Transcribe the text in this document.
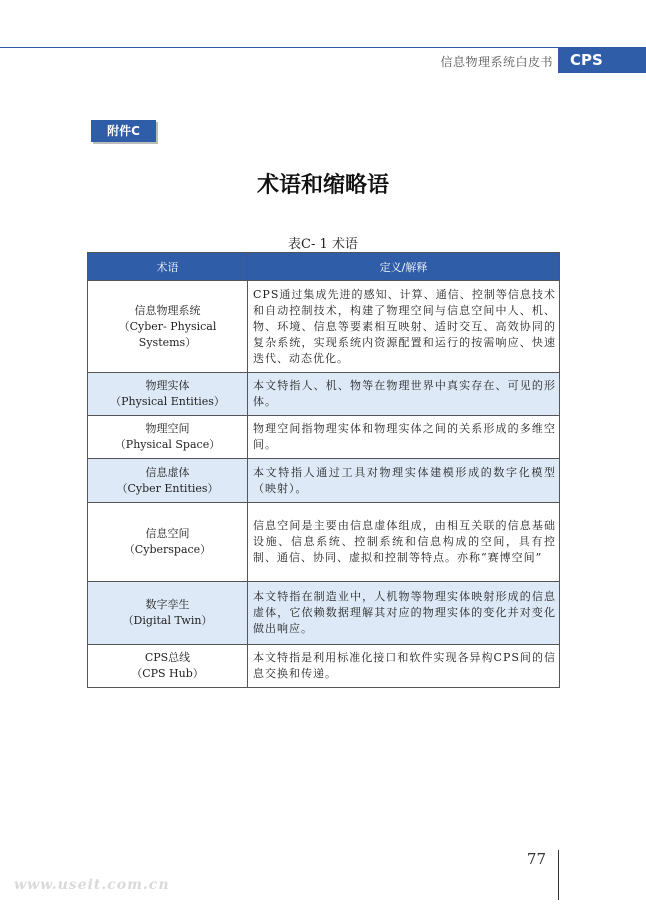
信息物理系统白皮书	CPS
附件C
术语和缩略语
表C- 1 术语
术语	定义/解释

信息物理系统
（Cyber- Physical Systems）	CPS通过集成先进的感知、计算、通信、控制等信息技术和自动控制技术，构建了物理空间与信息空间中人、机、物、环境、信息等要素相互映射、适时交互、高效协同的复杂系统，实现系统内资源配置和运行的按需响应、快速迭代、动态优化。

物理实体
（Physical Entities）	本文特指人、机、物等在物理世界中真实存在、可见的形体。

物理空间
（Physical Space）	物理空间指物理实体和物理实体之间的关系形成的多维空间。

信息虚体
（Cyber Entities）	本文特指人通过工具对物理实体建模形成的数字化模型（映射）。

信息空间
（Cyberspace）	信息空间是主要由信息虚体组成，由相互关联的信息基础设施、信息系统、控制系统和信息构成的空间，具有控制、通信、协同、虚拟和控制等特点。亦称“赛博空间”

数字孪生
（Digital Twin）	本文特指在制造业中，人机物等物理实体映射形成的信息虚体，它依赖数据理解其对应的物理实体的变化并对变化做出响应。

CPS总线
（CPS Hub）	本文特指是利用标准化接口和软件实现各异构CPS间的信息交换和传递。
77
www.useit.com.cn
